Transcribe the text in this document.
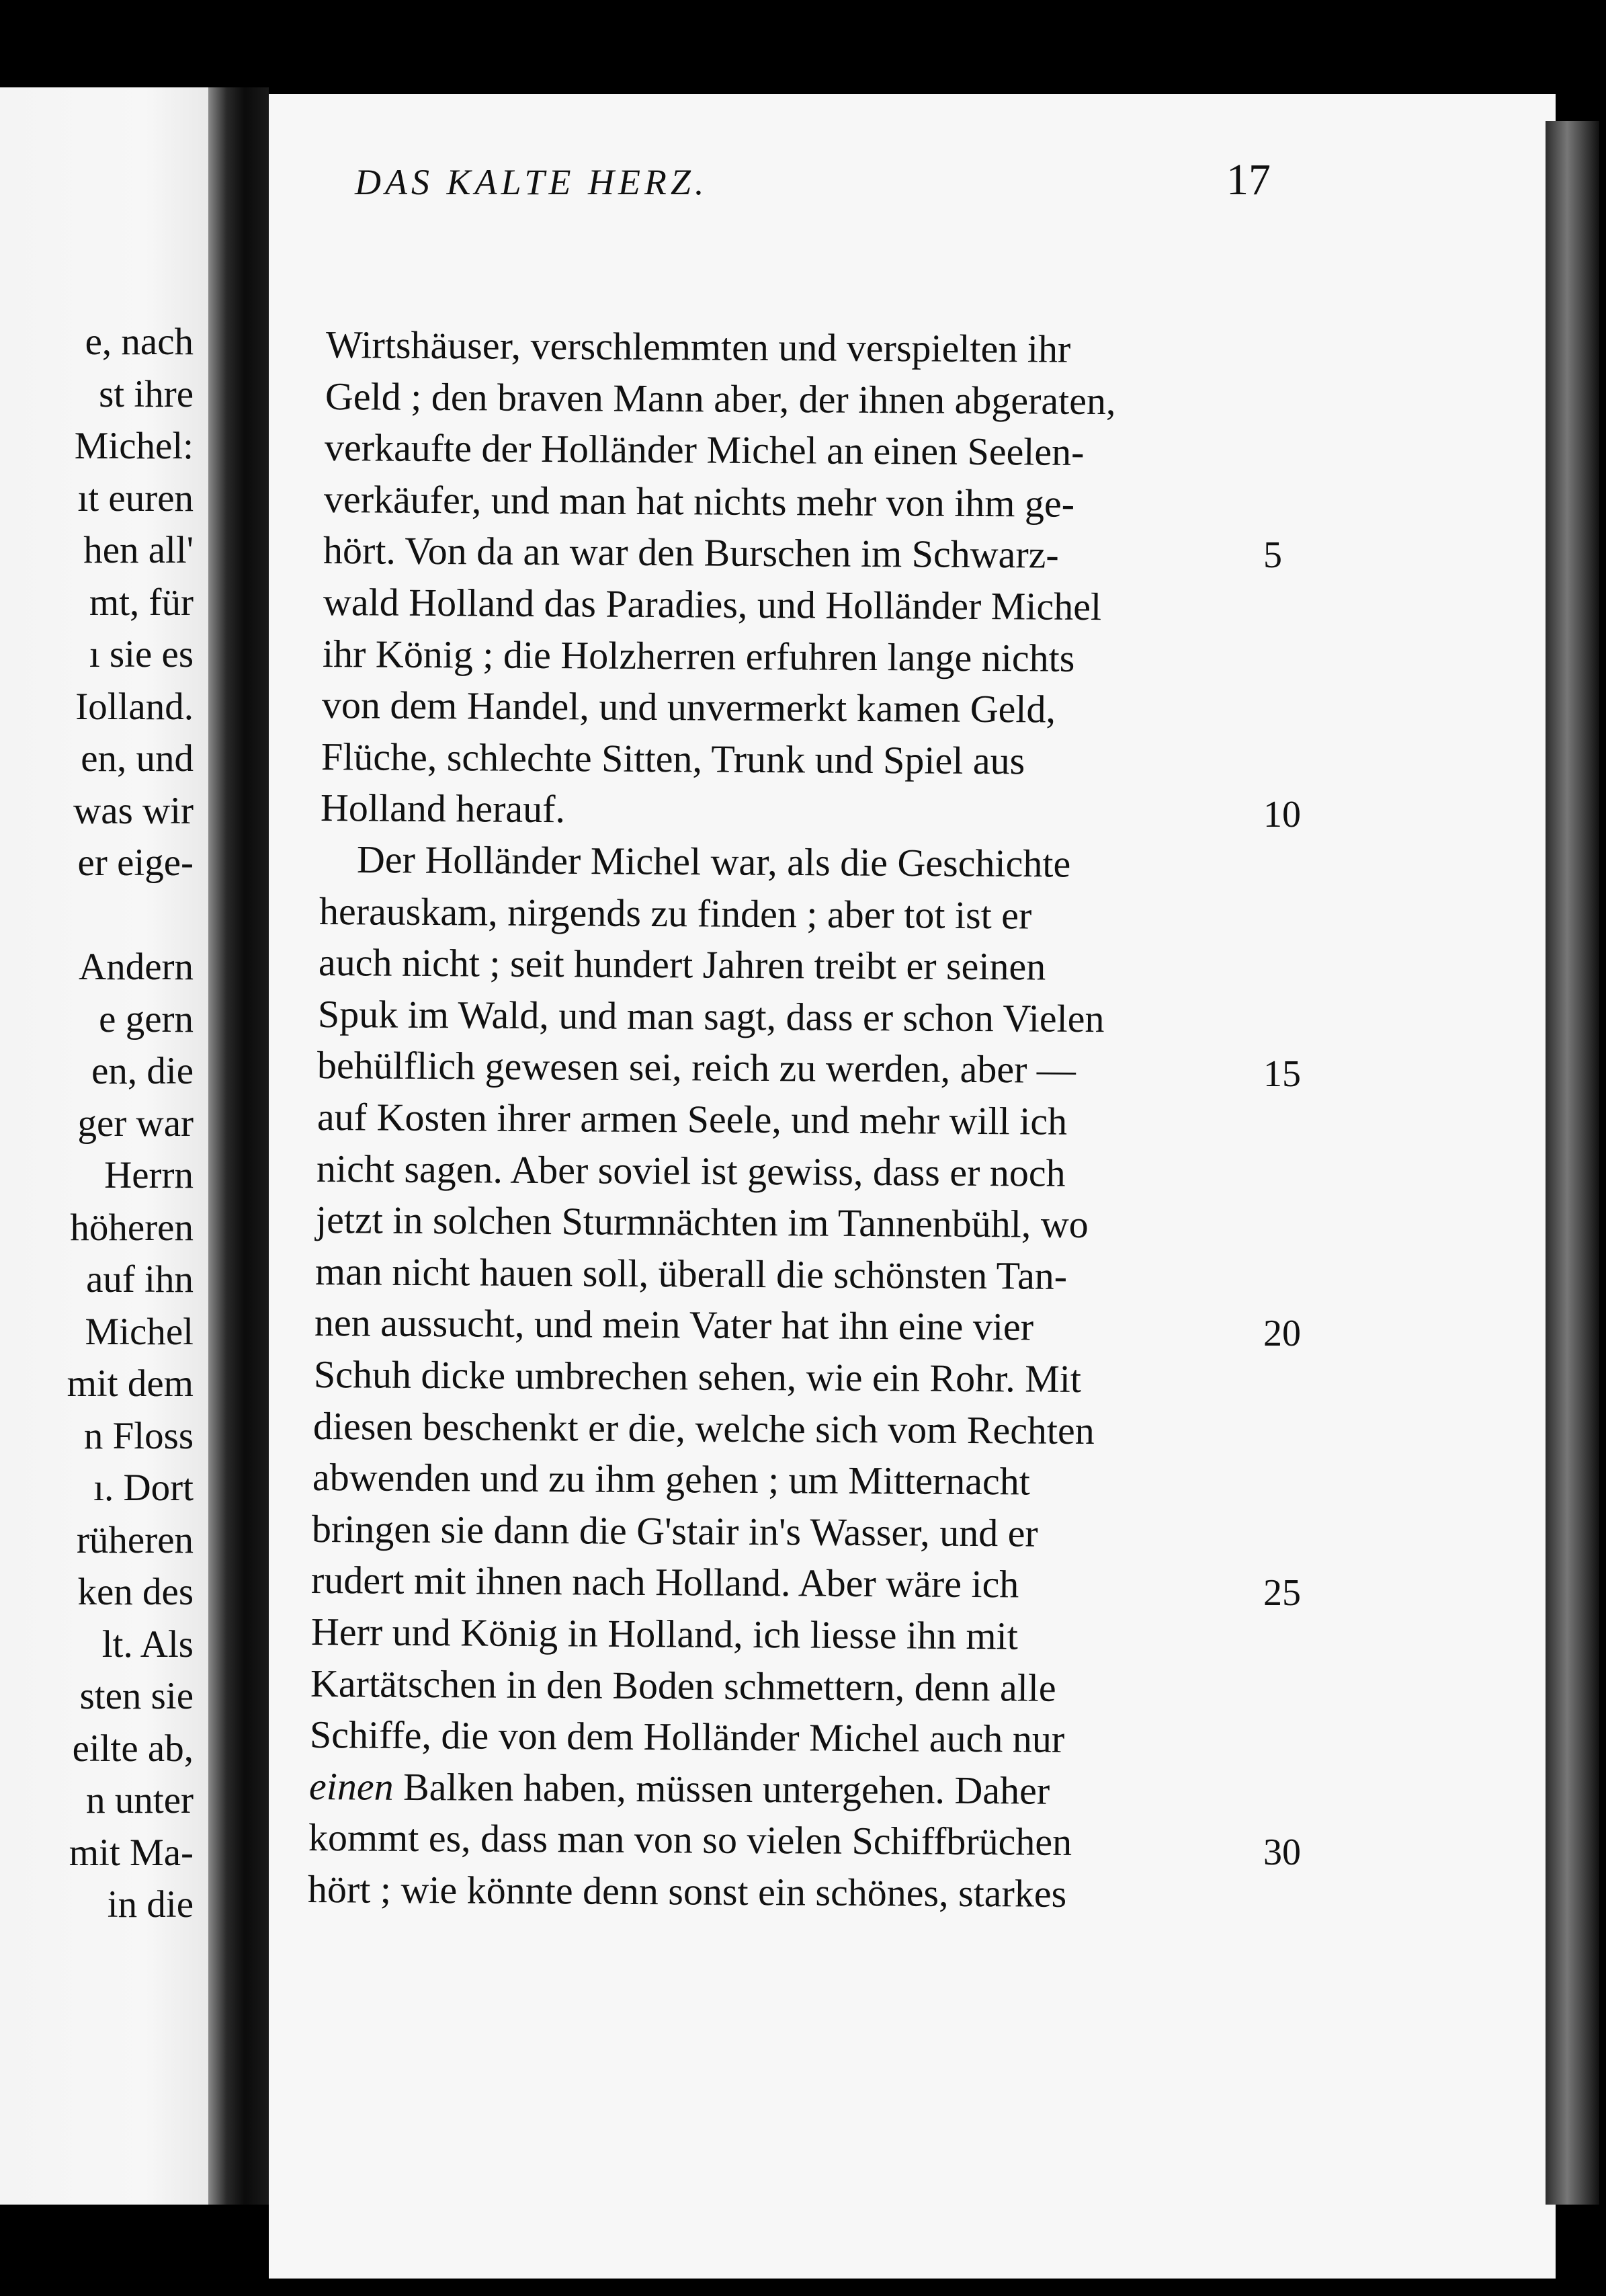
e, nach
st ihre
Michel:
ıt euren
hen all'
mt, für
ı sie es
Iolland.
en, und
was wir
er eige-
Andern
e gern
en, die
ger war
Herrn
höheren
auf ihn
Michel
mit dem
n Floss
ı. Dort
rüheren
ken des
lt. Als
sten sie
eilte ab,
n unter
mit Ma-
in die
DAS KALTE HERZ.	17
Wirtshäuser, verschlemmten und verspielten ihr
Geld ; den braven Mann aber, der ihnen abgeraten,
verkaufte der Holländer Michel an einen Seelen-
verkäufer, und man hat nichts mehr von ihm ge-
hört. Von da an war den Burschen im Schwarz-
wald Holland das Paradies, und Holländer Michel
ihr König ; die Holzherren erfuhren lange nichts
von dem Handel, und unvermerkt kamen Geld,
Flüche, schlechte Sitten, Trunk und Spiel aus
Holland herauf.
Der Holländer Michel war, als die Geschichte
herauskam, nirgends zu finden ; aber tot ist er
auch nicht ; seit hundert Jahren treibt er seinen
Spuk im Wald, und man sagt, dass er schon Vielen
behülflich gewesen sei, reich zu werden, aber —
auf Kosten ihrer armen Seele, und mehr will ich
nicht sagen. Aber soviel ist gewiss, dass er noch
jetzt in solchen Sturmnächten im Tannenbühl, wo
man nicht hauen soll, überall die schönsten Tan-
nen aussucht, und mein Vater hat ihn eine vier
Schuh dicke umbrechen sehen, wie ein Rohr. Mit
diesen beschenkt er die, welche sich vom Rechten
abwenden und zu ihm gehen ; um Mitternacht
bringen sie dann die G'stair in's Wasser, und er
rudert mit ihnen nach Holland. Aber wäre ich
Herr und König in Holland, ich liesse ihn mit
Kartätschen in den Boden schmettern, denn alle
Schiffe, die von dem Holländer Michel auch nur
einen Balken haben, müssen untergehen. Daher
kommt es, dass man von so vielen Schiffbrüchen
hört ; wie könnte denn sonst ein schönes, starkes
5
10
15
20
25
30
